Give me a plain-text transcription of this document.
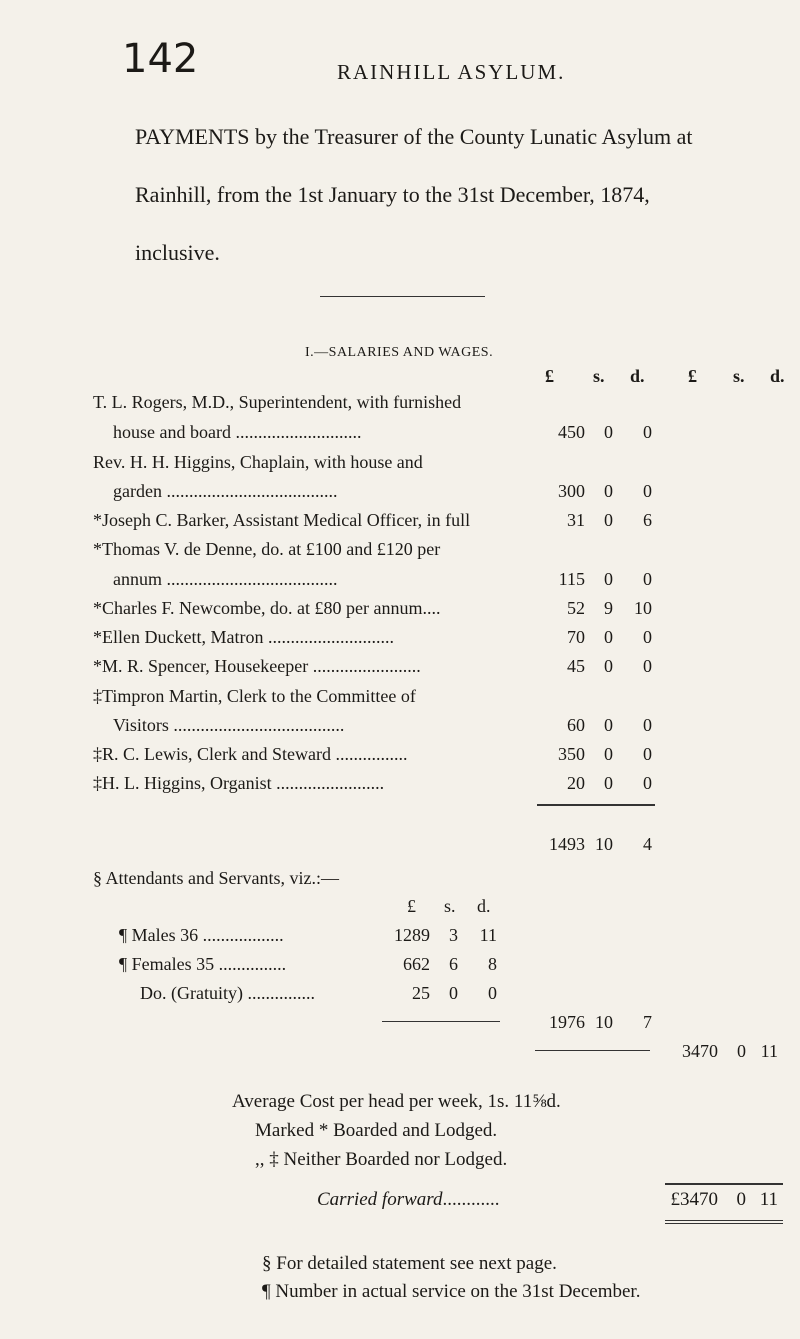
142	RAINHILL ASYLUM.
PAYMENTS by the Treasurer of the County Lunatic Asylum at
Rainhill, from the 1st January to the 31st December, 1874,
inclusive.
I.—SALARIES AND WAGES.
£ s. d. £ s. d.
T. L. Rogers, M.D., Superintendent, with furnished
house and board ............................	450	0	0
Rev. H. H. Higgins, Chaplain, with house and
garden ......................................	300	0	0
*Joseph C. Barker, Assistant Medical Officer, in full	31	0	6
*Thomas V. de Denne, do. at £100 and £120 per
annum ......................................	115	0	0
*Charles F. Newcombe, do. at £80 per annum....	52	9	10
*Ellen Duckett, Matron ............................	70	0	0
*M. R. Spencer, Housekeeper ........................	45	0	0
‡Timpron Martin, Clerk to the Committee of
Visitors ......................................	60	0	0
‡R. C. Lewis, Clerk and Steward ................	350	0	0
‡H. L. Higgins, Organist ........................	20	0	0
1493 10	4
§ Attendants and Servants, viz.:—
£ s. d.
¶ Males 36 ..................	1289	3	11
¶ Females 35 ...............	662	6	8
Do. (Gratuity) ...............	25	0	0
1976 10	7
3470	0 11
Average Cost per head per week, 1s. 11⅝d.
Marked * Boarded and Lodged.
,, ‡ Neither Boarded nor Lodged.
Carried forward............	£3470 0 11
§ For detailed statement see next page.
¶ Number in actual service on the 31st December.
